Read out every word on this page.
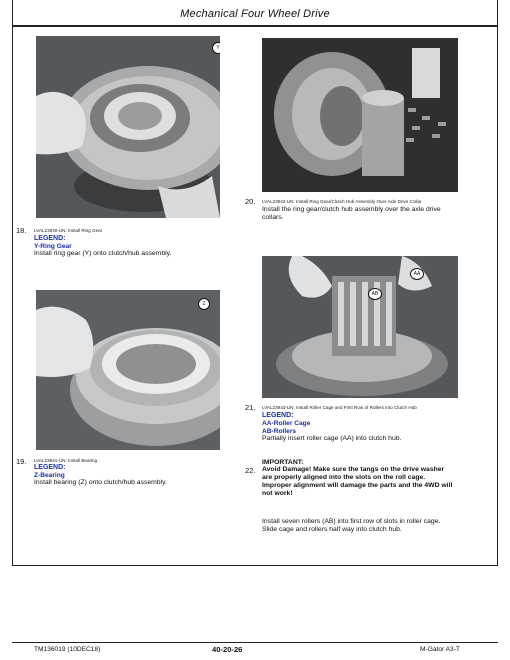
Mechanical Four Wheel Drive
Y
18. LVAL23940-UN: Install Ring Gear
LEGEND:
Y-Ring Gear
Install ring gear (Y) onto clutch/hub assembly.
Z
19. LVAL23941-UN: Install Bearing
LEGEND:
Z-Bearing
Install bearing (Z) onto clutch/hub assembly.
20. LVAL23942-UN: Install Ring Gear/Clutch Hub Assembly Over Axle Drive Collar
Install the ring gear/clutch hub assembly over the axle drive
collars.
AA
AB
21. LVAL23943-UN: Install Roller Cage and First Row of Rollers Into Clutch Hub
LEGEND:
AA-Roller Cage
AB-Rollers
Partially insert roller cage (AA) into clutch hub.
IMPORTANT:
22. Avoid Damage! Make sure the tangs on the drive washer
are properly aligned into the slots on the roll cage.
Improper alignment will damage the parts and the 4WD will
not work!
Install seven rollers (AB) into first row of slots in roller cage.
Slide cage and rollers half way into clutch hub.
TM136019 (10DEC18)	40-20-26	M-Gator A3-T
